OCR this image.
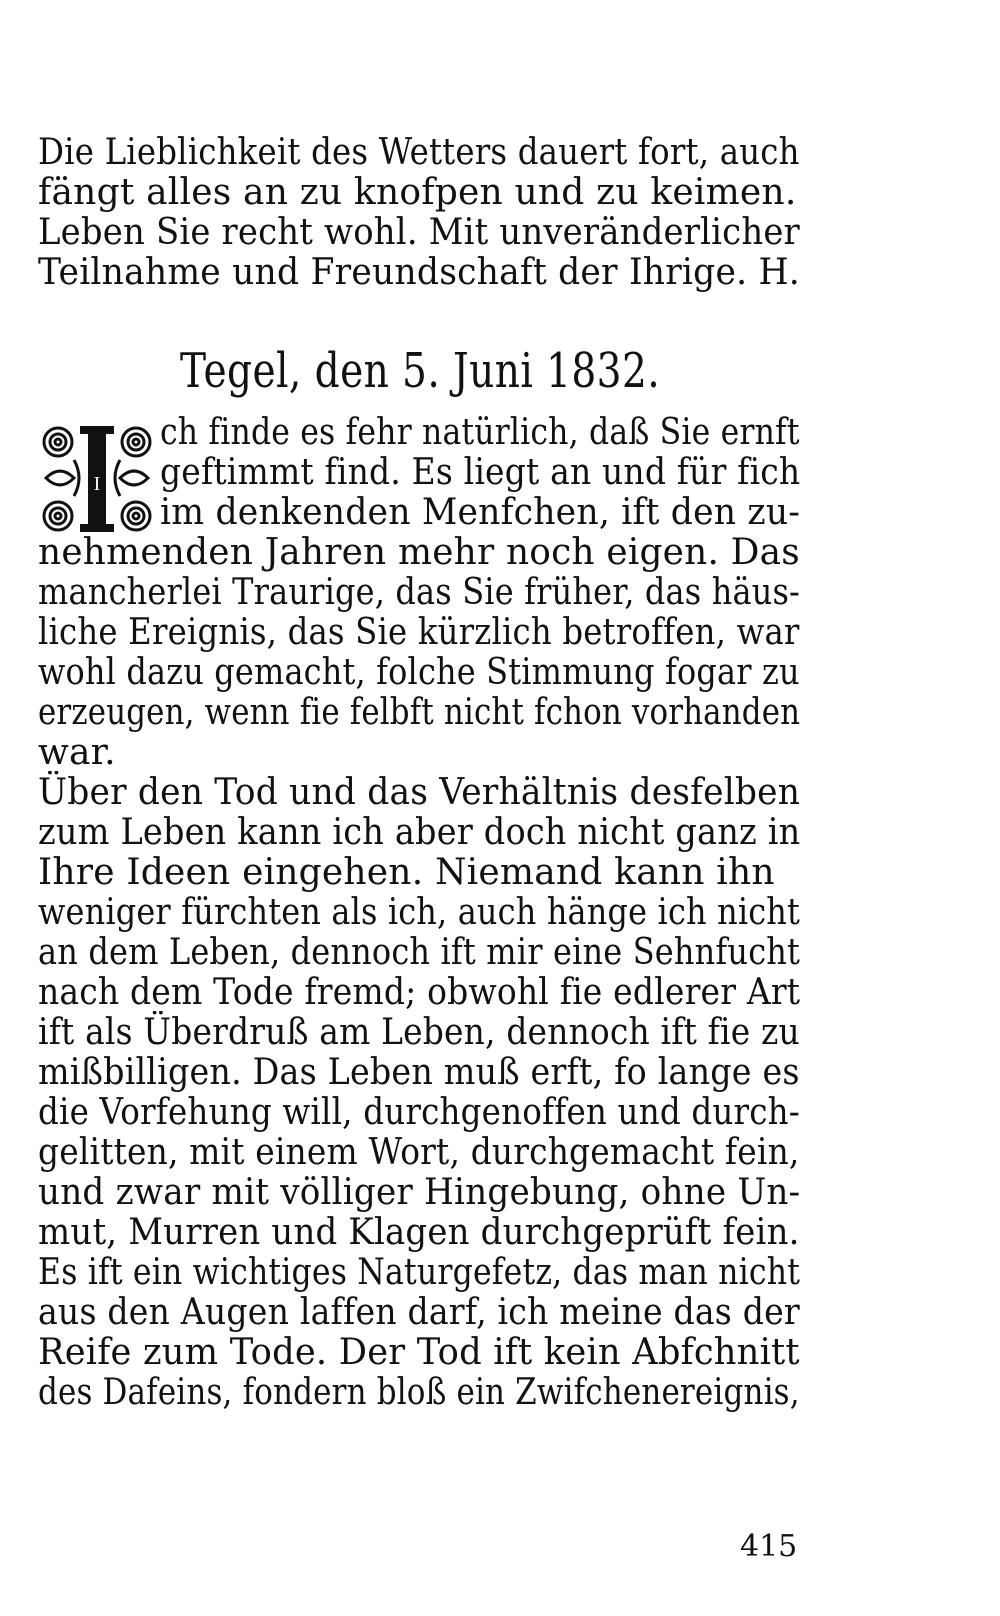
Die Lieblichkeit des Wetters dauert fort, auch
fängt alles an zu knofpen und zu keimen.
Leben Sie recht wohl. Mit unveränderlicher
Teilnahme und Freundschaft der Ihrige. H.
Tegel, den 5. Juni 1832.
I
ch finde es fehr natürlich, daß Sie ernft
geftimmt find. Es liegt an und für fich
im denkenden Menfchen, ift den zu-
nehmenden Jahren mehr noch eigen. Das
mancherlei Traurige, das Sie früher, das häus-
liche Ereignis, das Sie kürzlich betroffen, war
wohl dazu gemacht, folche Stimmung fogar zu
erzeugen, wenn fie felbft nicht fchon vorhanden
war.
Über den Tod und das Verhältnis desfelben
zum Leben kann ich aber doch nicht ganz in
Ihre Ideen eingehen. Niemand kann ihn
weniger fürchten als ich, auch hänge ich nicht
an dem Leben, dennoch ift mir eine Sehnfucht
nach dem Tode fremd; obwohl fie edlerer Art
ift als Überdruß am Leben, dennoch ift fie zu
mißbilligen. Das Leben muß erft, fo lange es
die Vorfehung will, durchgenoffen und durch-
gelitten, mit einem Wort, durchgemacht fein,
und zwar mit völliger Hingebung, ohne Un-
mut, Murren und Klagen durchgeprüft fein.
Es ift ein wichtiges Naturgefetz, das man nicht
aus den Augen laffen darf, ich meine das der
Reife zum Tode. Der Tod ift kein Abfchnitt
des Dafeins, fondern bloß ein Zwifchenereignis,
415
